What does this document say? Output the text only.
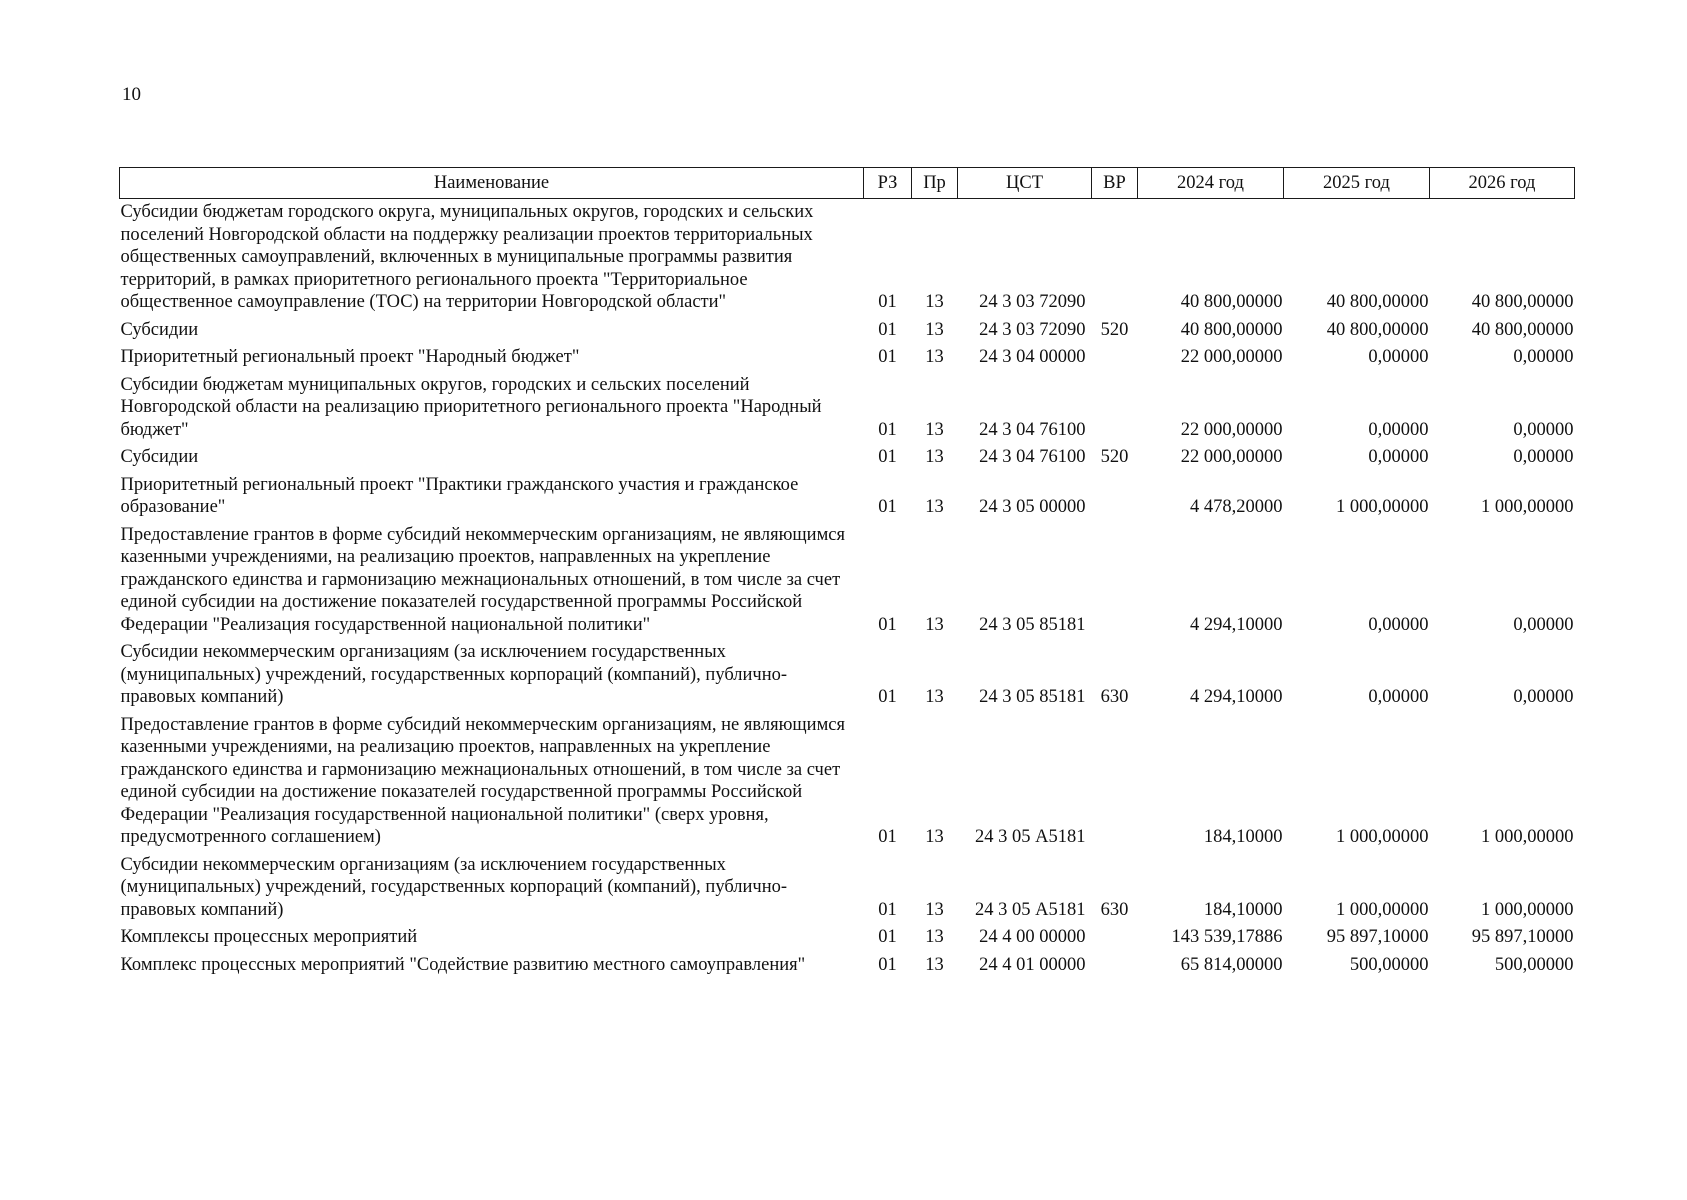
10
Наименование	РЗ	Пр	ЦСТ	ВР	2024 год	2025 год	2026 год
Субсидии бюджетам городского округа, муниципальных округов, городских и сельских поселений Новгородской области на поддержку реализации проектов территориальных общественных самоуправлений, включенных в муниципальные программы развития территорий, в рамках приоритетного регионального проекта "Территориальное общественное самоуправление (ТОС) на территории Новгородской области"	01	13	24 3 03 72090		40 800,00000	40 800,00000	40 800,00000
Субсидии	01	13	24 3 03 72090	520	40 800,00000	40 800,00000	40 800,00000
Приоритетный региональный проект "Народный бюджет"	01	13	24 3 04 00000		22 000,00000	0,00000	0,00000
Субсидии бюджетам муниципальных округов, городских и сельских поселений Новгородской области на реализацию приоритетного регионального проекта "Народный бюджет"	01	13	24 3 04 76100		22 000,00000	0,00000	0,00000
Субсидии	01	13	24 3 04 76100	520	22 000,00000	0,00000	0,00000
Приоритетный региональный проект "Практики гражданского участия и гражданское образование"	01	13	24 3 05 00000		4 478,20000	1 000,00000	1 000,00000
Предоставление грантов в форме субсидий некоммерческим организациям, не являющимся казенными учреждениями, на реализацию проектов, направленных на укрепление гражданского единства и гармонизацию межнациональных отношений, в том числе за счет единой субсидии на достижение показателей государственной программы Российской Федерации "Реализация государственной национальной политики"	01	13	24 3 05 85181		4 294,10000	0,00000	0,00000
Субсидии некоммерческим организациям (за исключением государственных (муниципальных) учреждений, государственных корпораций (компаний), публично-правовых компаний)	01	13	24 3 05 85181	630	4 294,10000	0,00000	0,00000
Предоставление грантов в форме субсидий некоммерческим организациям, не являющимся казенными учреждениями, на реализацию проектов, направленных на укрепление гражданского единства и гармонизацию межнациональных отношений, в том числе за счет единой субсидии на достижение показателей государственной программы Российской Федерации "Реализация государственной национальной политики" (сверх уровня, предусмотренного соглашением)	01	13	24 3 05 А5181		184,10000	1 000,00000	1 000,00000
Субсидии некоммерческим организациям (за исключением государственных (муниципальных) учреждений, государственных корпораций (компаний), публично-правовых компаний)	01	13	24 3 05 А5181	630	184,10000	1 000,00000	1 000,00000
Комплексы процессных мероприятий	01	13	24 4 00 00000		143 539,17886	95 897,10000	95 897,10000
Комплекс процессных мероприятий "Содействие развитию местного самоуправления"	01	13	24 4 01 00000		65 814,00000	500,00000	500,00000
